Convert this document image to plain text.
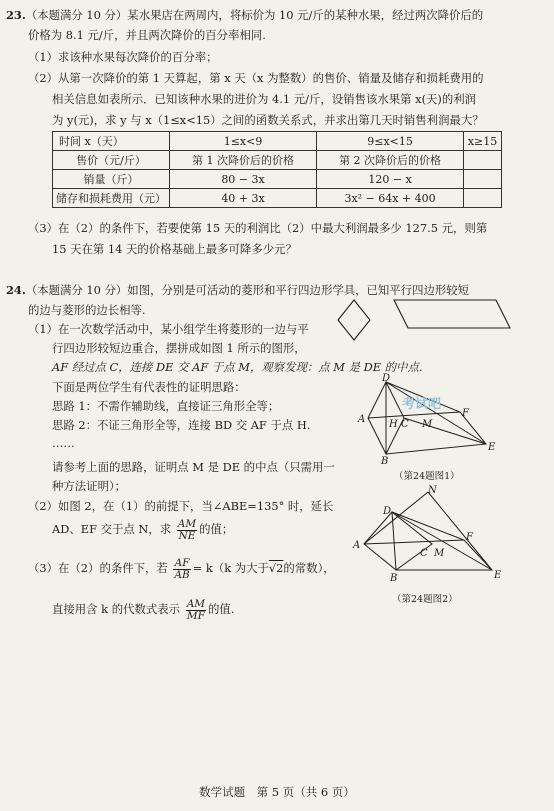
23.（本题满分 10 分）某水果店在两周内，将标价为 10 元/斤的某种水果，经过两次降价后的
价格为 8.1 元/斤，并且两次降价的百分率相同.
（1）求该种水果每次降价的百分率；
（2）从第一次降价的第 1 天算起，第 x 天（x 为整数）的售价、销量及储存和损耗费用的
相关信息如表所示．已知该种水果的进价为 4.1 元/斤，设销售该水果第 x(天)的利润
为 y(元)，求 y 与 x（1≤x<15）之间的函数关系式，并求出第几天时销售利润最大？
时间 x（天）	1≤x<9	9≤x<15	x≥15
售价（元/斤）	第 1 次降价后的价格	第 2 次降价后的价格	
销量（斤）	80 − 3x	120 − x	
储存和损耗费用（元）	40 + 3x	3x² − 64x + 400	
（3）在（2）的条件下，若要使第 15 天的利润比（2）中最大利润最多少 127.5 元，则第
15 天在第 14 天的价格基础上最多可降多少元？
24.（本题满分 10 分）如图，分别是可活动的菱形和平行四边形学具，已知平行四边形较短
的边与菱形的边长相等.
（1）在一次数学活动中，某小组学生将菱形的一边与平
行四边形较短边重合，摆拼成如图 1 所示的图形，
AF 经过点 C，连接 DE 交 AF 于点 M，观察发现：点 M 是 DE 的中点.
下面是两位学生有代表性的证明思路：
思路 1：不需作辅助线，直接证三角形全等；
思路 2：不证三角形全等，连接 BD 交 AF 于点 H.
……
请参考上面的思路，证明点 M 是 DE 的中点（只需用一
种方法证明）；
（2）如图 2，在（1）的前提下，当∠ABE=135° 时，延长
AD、EF 交于点 N，求 $\frac{AM}{NE}$ 的值；
（3）在（2）的条件下，若 $\frac{AF}{AB} = k(k$ 为大于√2的常数），
直接用含 k 的代数式表示 $\frac{AM}{MF}$ 的值.
D
A H C M
F
B
E
（第24题图1）
N
D
F
A
C M
B	E
（第24题图2）
考试吧
数学试题　第 5 页（共 6 页）
